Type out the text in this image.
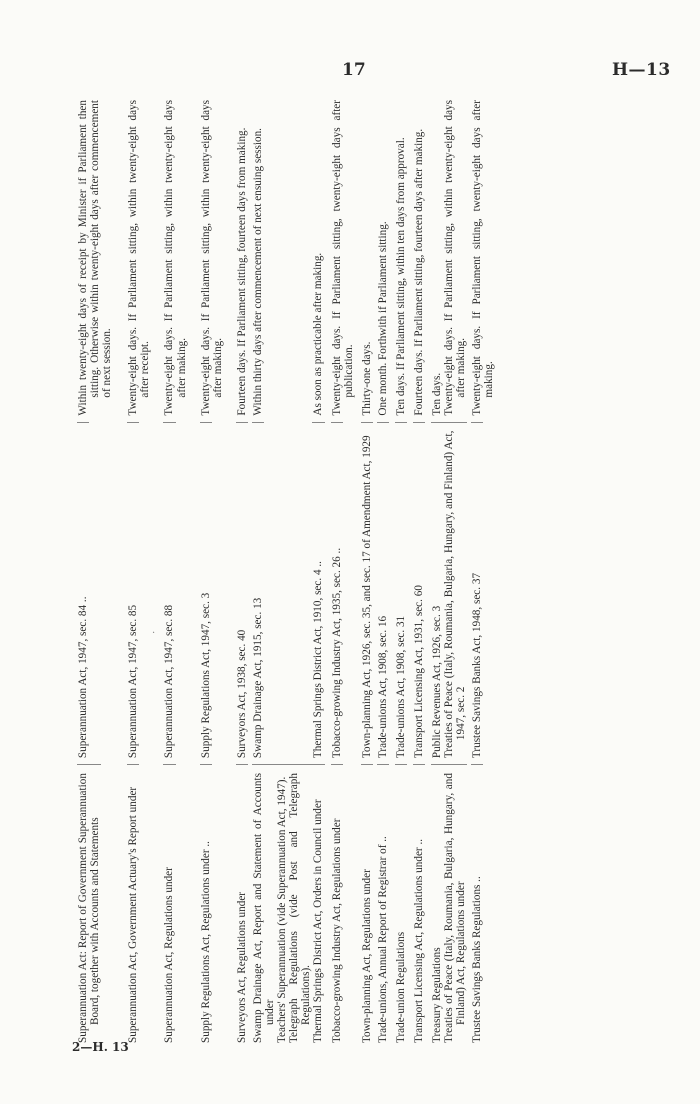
17	H—13
·
2—H. 13
Superannuation Act: Report of Government Superannuation Board, together with Accounts and Statements
Superannuation Act, 1947, sec. 84 ..
Within twenty-eight days of receipt by Minister if Parliament then sitting. Otherwise within twenty-eight days after commencement of next session.
Superannuation Act, Government Actuary's Report under
Superannuation Act, 1947, sec. 85
Twenty-eight days. If Parliament sitting, within twenty-eight days after receipt.
Superannuation Act, Regulations under
Superannuation Act, 1947, sec. 88
Twenty-eight days. If Parliament sitting, within twenty-eight days after making.
Supply Regulations Act, Regulations under ..
Supply Regulations Act, 1947, sec. 3
Twenty-eight days. If Parliament sitting, within twenty-eight days after making.
Surveyors Act, Regulations under
Surveyors Act, 1938, sec. 40
Fourteen days. If Parliament sitting, fourteen days from making.
Swamp Drainage Act, Report and Statement of Accounts under
Swamp Drainage Act, 1915, sec. 13
Within thirty days after commencement of next ensuing session.
Teachers' Superannuation (vide Superannuation Act, 1947). Telegraph Regulations (vide Post and Telegraph Regulations). Thermal Springs District Act, Orders in Council under
Thermal Springs District Act, 1910, sec. 4 ..
As soon as practicable after making.
Tobacco-growing Industry Act, Regulations under
Tobacco-growing Industry Act, 1935, sec. 26 ..
Twenty-eight days. If Parliament sitting, twenty-eight days after publication.
Town-planning Act, Regulations under
Town-planning Act, 1926, sec. 35, and sec. 17 of Amendment Act, 1929
Thirty-one days.
Trade-unions, Annual Report of Registrar of ..
Trade-unions Act, 1908, sec. 16
One month. Forthwith if Parliament sitting.
Trade-union Regulations
Trade-unions Act, 1908, sec. 31
Ten days. If Parliament sitting, within ten days from approval.
Transport Licensing Act, Regulations under ..
Transport Licensing Act, 1931, sec. 60
Fourteen days. If Parliament sitting, fourteen days after making.
Treasury Regulations
Public Revenues Act, 1926, sec. 3
Ten days.
Treaties of Peace (Italy, Roumania, Bulgaria, Hungary, and Finland) Act, Regulations under
Treaties of Peace (Italy, Roumania, Bulgaria, Hungary, and Finland) Act, 1947, sec. 2
Twenty-eight days. If Parliament sitting, within twenty-eight days after making.
Trustee Savings Banks Regulations ..
Trustee Savings Banks Act, 1948, sec. 37
Twenty-eight days. If Parliament sitting, twenty-eight days after making.
